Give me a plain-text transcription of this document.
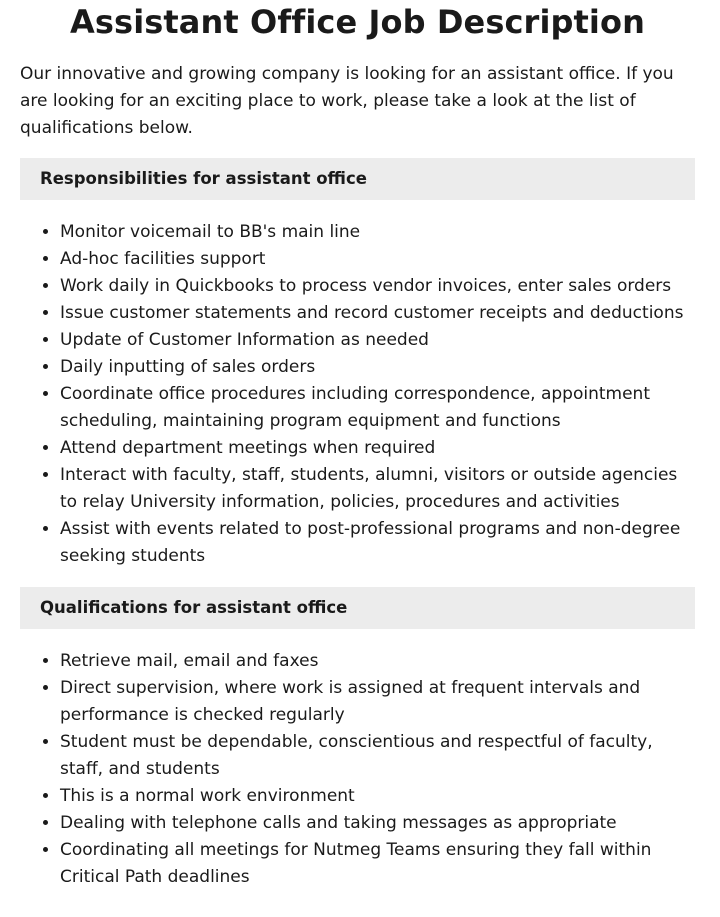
Assistant Office Job Description

Our innovative and growing company is looking for an assistant office. If you are looking for an exciting place to work, please take a look at the list of qualifications below.

Responsibilities for assistant office
• Monitor voicemail to BB's main line
• Ad-hoc facilities support
• Work daily in Quickbooks to process vendor invoices, enter sales orders
• Issue customer statements and record customer receipts and deductions
• Update of Customer Information as needed
• Daily inputting of sales orders
• Coordinate office procedures including correspondence, appointment scheduling, maintaining program equipment and functions
• Attend department meetings when required
• Interact with faculty, staff, students, alumni, visitors or outside agencies to relay University information, policies, procedures and activities
• Assist with events related to post-professional programs and non-degree seeking students
Qualifications for assistant office
• Retrieve mail, email and faxes
• Direct supervision, where work is assigned at frequent intervals and performance is checked regularly
• Student must be dependable, conscientious and respectful of faculty, staff, and students
• This is a normal work environment
• Dealing with telephone calls and taking messages as appropriate
• Coordinating all meetings for Nutmeg Teams ensuring they fall within Critical Path deadlines
